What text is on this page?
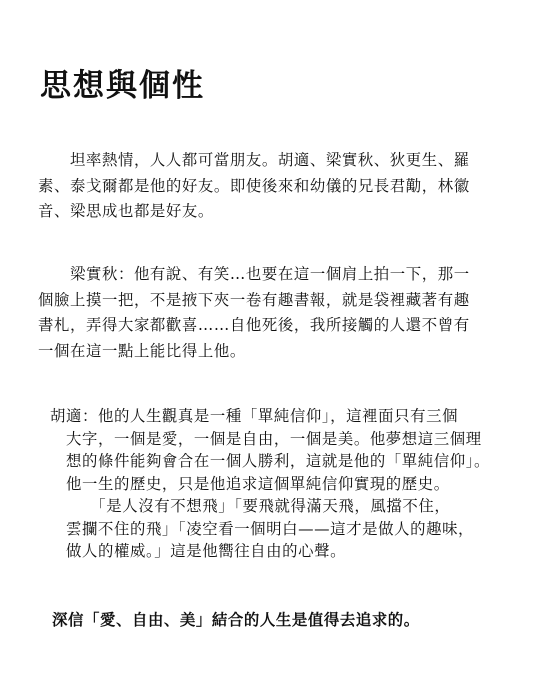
思想與個性
　　坦率熱情，人人都可當朋友。胡適、梁實秋、狄更生、羅
素、泰戈爾都是他的好友。即使後來和幼儀的兄長君勱，林徽
音、梁思成也都是好友。
　　梁實秋：他有說、有笑…也要在這一個肩上拍一下，那一
個臉上摸一把，不是掖下夾一卷有趣書報，就是袋裡藏著有趣
書札，弄得大家都歡喜……自他死後，我所接觸的人還不曾有
一個在這一點上能比得上他。
胡適：他的人生觀真是一種「單純信仰」，這裡面只有三個
　大字，一個是愛，一個是自由，一個是美。他夢想這三個理
　想的條件能夠會合在一個人勝利，這就是他的「單純信仰」。
　他一生的歷史，只是他追求這個單純信仰實現的歷史。
　　　「是人沒有不想飛」「要飛就得滿天飛，風擋不住，
　雲攔不住的飛」「凌空看一個明白——這才是做人的趣味，
　做人的權威。」這是他嚮往自由的心聲。

深信「愛、自由、美」結合的人生是值得去追求的。
